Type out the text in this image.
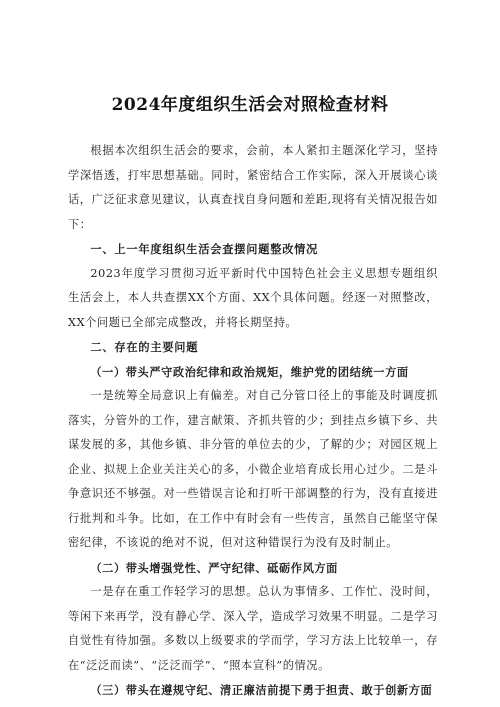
2024年度组织生活会对照检查材料

根据本次组织生活会的要求，会前，本人紧扣主题深化学习，坚持学深悟透，打牢思想基础。同时，紧密结合工作实际，深入开展谈心谈话，广泛征求意见建议，认真查找自身问题和差距,现将有关情况报告如下：

一、上一年度组织生活会查摆问题整改情况

2023年度学习贯彻习近平新时代中国特色社会主义思想专题组织生活会上，本人共查摆XX个方面、XX个具体问题。经逐一对照整改，XX个问题已全部完成整改，并将长期坚持。

二、存在的主要问题

（一）带头严守政治纪律和政治规矩，维护党的团结统一方面

一是统筹全局意识上有偏差。对自己分管口径上的事能及时调度抓落实，分管外的工作，建言献策、齐抓共管的少；到挂点乡镇下乡、共谋发展的多，其他乡镇、非分管的单位去的少，了解的少；对园区规上企业、拟规上企业关注关心的多，小微企业培育成长用心过少。二是斗争意识还不够强。对一些错误言论和打听干部调整的行为，没有直接进行批判和斗争。比如，在工作中有时会有一些传言，虽然自己能坚守保密纪律，不该说的绝对不说，但对这种错误行为没有及时制止。

（二）带头增强党性、严守纪律、砥砺作风方面

一是存在重工作轻学习的思想。总认为事情多、工作忙、没时间，等闲下来再学，没有静心学、深入学，造成学习效果不明显。二是学习自觉性有待加强。多数以上级要求的学而学，学习方法上比较单一，存在“泛泛而读”、“泛泛而学”、“照本宣科”的情况。

（三）带头在遵规守纪、清正廉洁前提下勇于担责、敢于创新方面
